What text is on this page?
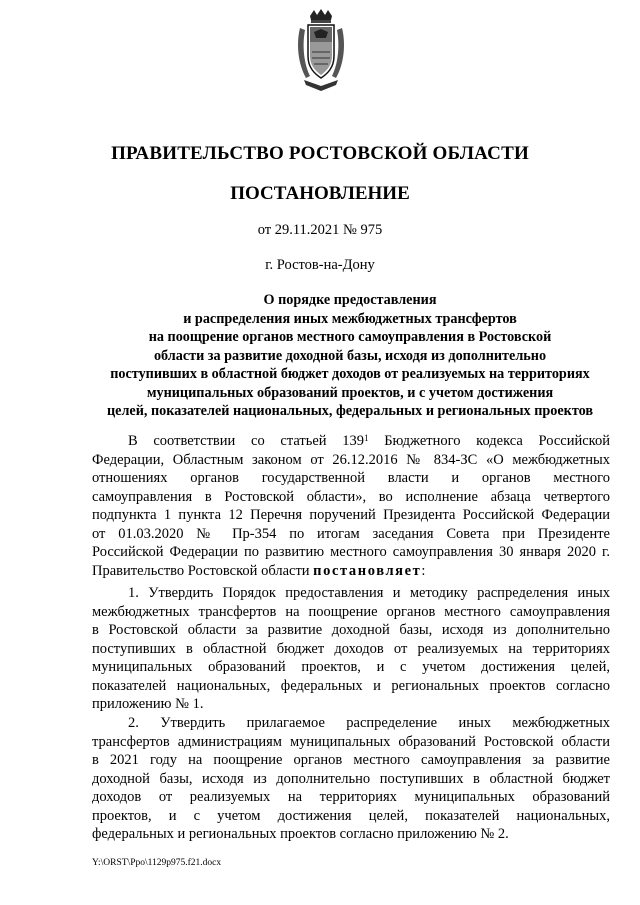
ПРАВИТЕЛЬСТВО РОСТОВСКОЙ ОБЛАСТИ
ПОСТАНОВЛЕНИЕ
от 29.11.2021 № 975
г. Ростов-на-Дону
О порядке предоставления
и распределения иных межбюджетных трансфертов
на поощрение органов местного самоуправления в Ростовской
области за развитие доходной базы, исходя из дополнительно
поступивших в областной бюджет доходов от реализуемых на территориях
муниципальных образований проектов, и с учетом достижения
целей, показателей национальных, федеральных и региональных проектов
В соответствии со статьей $139^1$ Бюджетного кодекса Российской
Федерации, Областным законом от 26.12.2016 № 834-ЗС «О межбюджетных
отношениях органов государственной власти и органов местного
самоуправления в Ростовской области», во исполнение абзаца четвертого
подпункта 1 пункта 12 Перечня поручений Президента Российской Федерации
от 01.03.2020 № Пр-354 по итогам заседания Совета при Президенте
Российской Федерации по развитию местного самоуправления 30 января 2020 г.
Правительство Ростовской области постановляет:
1. Утвердить Порядок предоставления и методику распределения иных
межбюджетных трансфертов на поощрение органов местного самоуправления
в Ростовской области за развитие доходной базы, исходя из дополнительно
поступивших в областной бюджет доходов от реализуемых на территориях
муниципальных образований проектов, и с учетом достижения целей,
показателей национальных, федеральных и региональных проектов согласно
приложению № 1.
2. Утвердить прилагаемое распределение иных межбюджетных
трансфертов администрациям муниципальных образований Ростовской области
в 2021 году на поощрение органов местного самоуправления за развитие
доходной базы, исходя из дополнительно поступивших в областной бюджет
доходов от реализуемых на территориях муниципальных образований
проектов, и с учетом достижения целей, показателей национальных,
федеральных и региональных проектов согласно приложению № 2.
Y:\ORST\Ppo\1129p975.f21.docx
